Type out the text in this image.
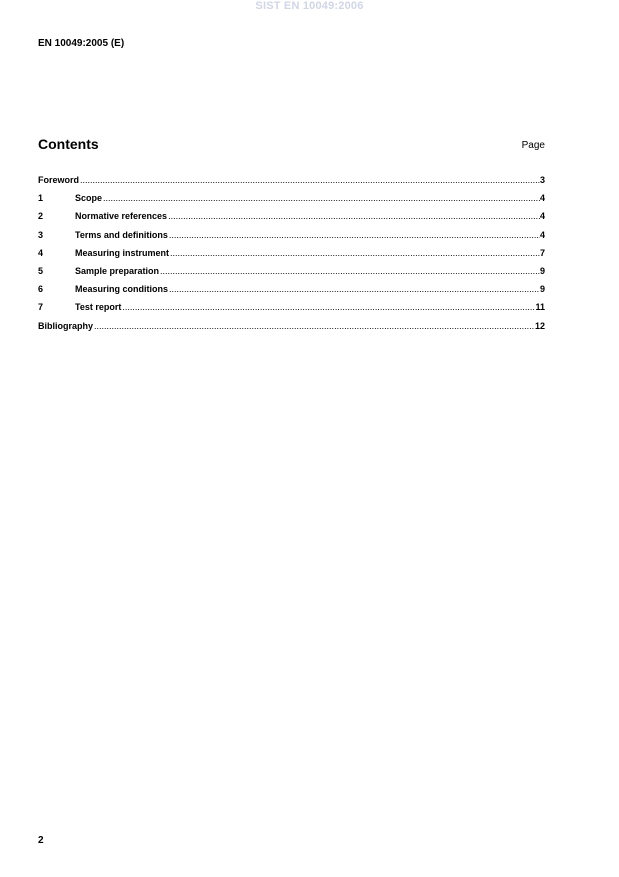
SIST EN 10049:2006
EN 10049:2005 (E)
Contents	Page
Foreword .....	3
1	Scope .....	4
2	Normative references .....	4
3	Terms and definitions .....	4
4	Measuring instrument .....	7
5	Sample preparation .....	9
6	Measuring conditions .....	9
7	Test report .....	11
Bibliography .....	12
2
